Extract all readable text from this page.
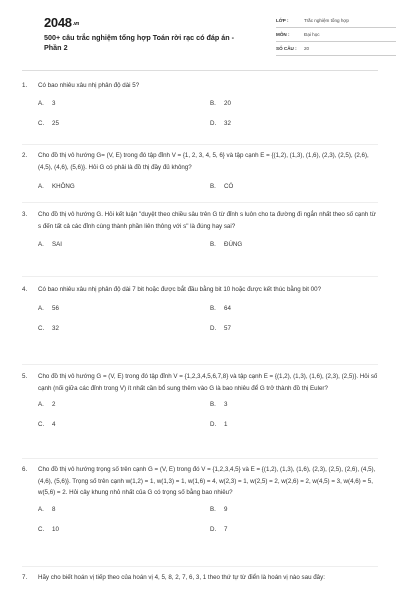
2048.vn
500+ câu trắc nghiệm tổng hợp Toán rời rạc có đáp án - Phần 2
LỚP :	Trắc nghiệm tổng hợp
MÔN :	Đại học
SỐ CÂU :	20
1.	Có bao nhiêu xâu nhị phân độ dài 5?
A.	3	B.	20
C.	25	D.	32
2.	Cho đồ thị vô hướng G= (V, E) trong đó tập đỉnh V = {1, 2, 3, 4, 5, 6} và tập cạnh E = {(1,2), (1,3), (1,6), (2,3), (2,5), (2,6), (4,5), (4,6), (5,6)}. Hỏi G có phải là đồ thị đầy đủ không?
A.	KHÔNG	B.	CÓ
3.	Cho đồ thị vô hướng G. Hỏi kết luận "duyệt theo chiều sâu trên G từ đỉnh s luôn cho ta đường đi ngắn nhất theo số cạnh từ s đến tất cả các đỉnh cùng thành phần liên thông với s" là đúng hay sai?
A.	SAI	B.	ĐÚNG
4.	Có bao nhiêu xâu nhị phân độ dài 7 bit hoặc được bắt đầu bằng bit 10 hoặc được kết thúc bằng bit 00?
A.	56	B.	64
C.	32	D.	57
5.	Cho đồ thị vô hướng G = (V, E) trong đó tập đỉnh V = {1,2,3,4,5,6,7,8} và tập cạnh E = {(1,2), (1,3), (1,6), (2,3), (2,5)}. Hỏi số cạnh (nối giữa các đỉnh trong V) ít nhất cần bổ sung thêm vào G là bao nhiêu để G trở thành đồ thị Euler?
A.	2	B.	3
C.	4	D.	1
6.	Cho đồ thị vô hướng trọng số trên cạnh G = (V, E) trong đó V = {1,2,3,4,5} và E = {(1,2), (1,3), (1,6), (2,3), (2,5), (2,6), (4,5), (4,6), (5,6)}. Trọng số trên cạnh w(1,2) = 1, w(1,3) = 1, w(1,6) = 4, w(2,3) = 1, w(2,5) = 2, w(2,6) = 2, w(4,5) = 3, w(4,6) = 5, w(5,6) = 2. Hỏi cây khung nhỏ nhất của G có trọng số bằng bao nhiêu?
A.	8	B.	9
C.	10	D.	7
7.	Hãy cho biết hoán vị tiếp theo của hoán vị 4, 5, 8, 2, 7, 6, 3, 1 theo thứ tự từ điển là hoán vị nào sau đây:
